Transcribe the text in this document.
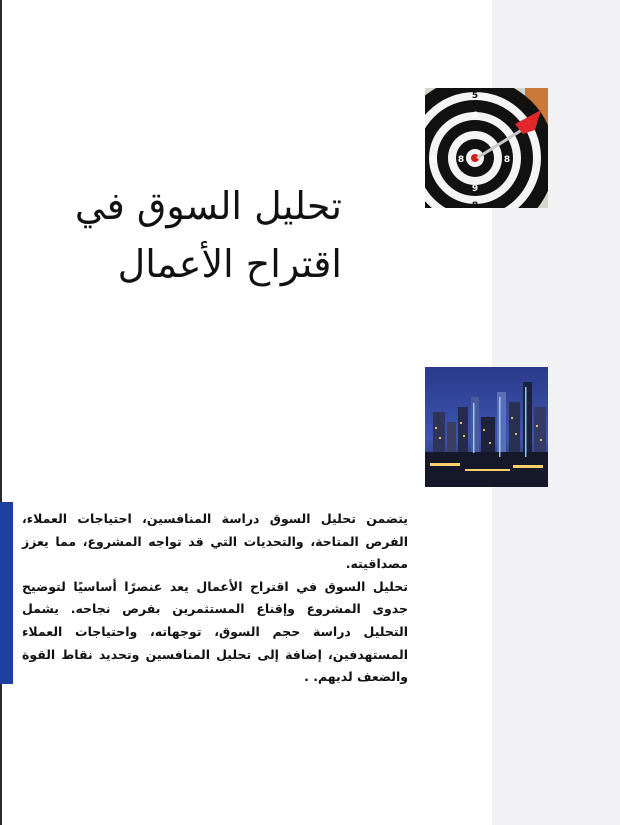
تحليل السوق في
اقتراح الأعمال
5
6
7 8
6
9
8
8

يتضمن تحليل السوق دراسة المنافسين، احتياجات العملاء، الفرص المتاحة، والتحديات التي قد تواجه المشروع، مما يعزز مصداقيته.

تحليل السوق في اقتراح الأعمال يعد عنصرًا أساسيًا لتوضيح جدوى المشروع وإقناع المستثمرين بفرص نجاحه. يشمل التحليل دراسة حجم السوق، توجهاته، واحتياجات العملاء المستهدفين، إضافة إلى تحليل المنافسين وتحديد نقاط القوة والضعف لديهم. .
